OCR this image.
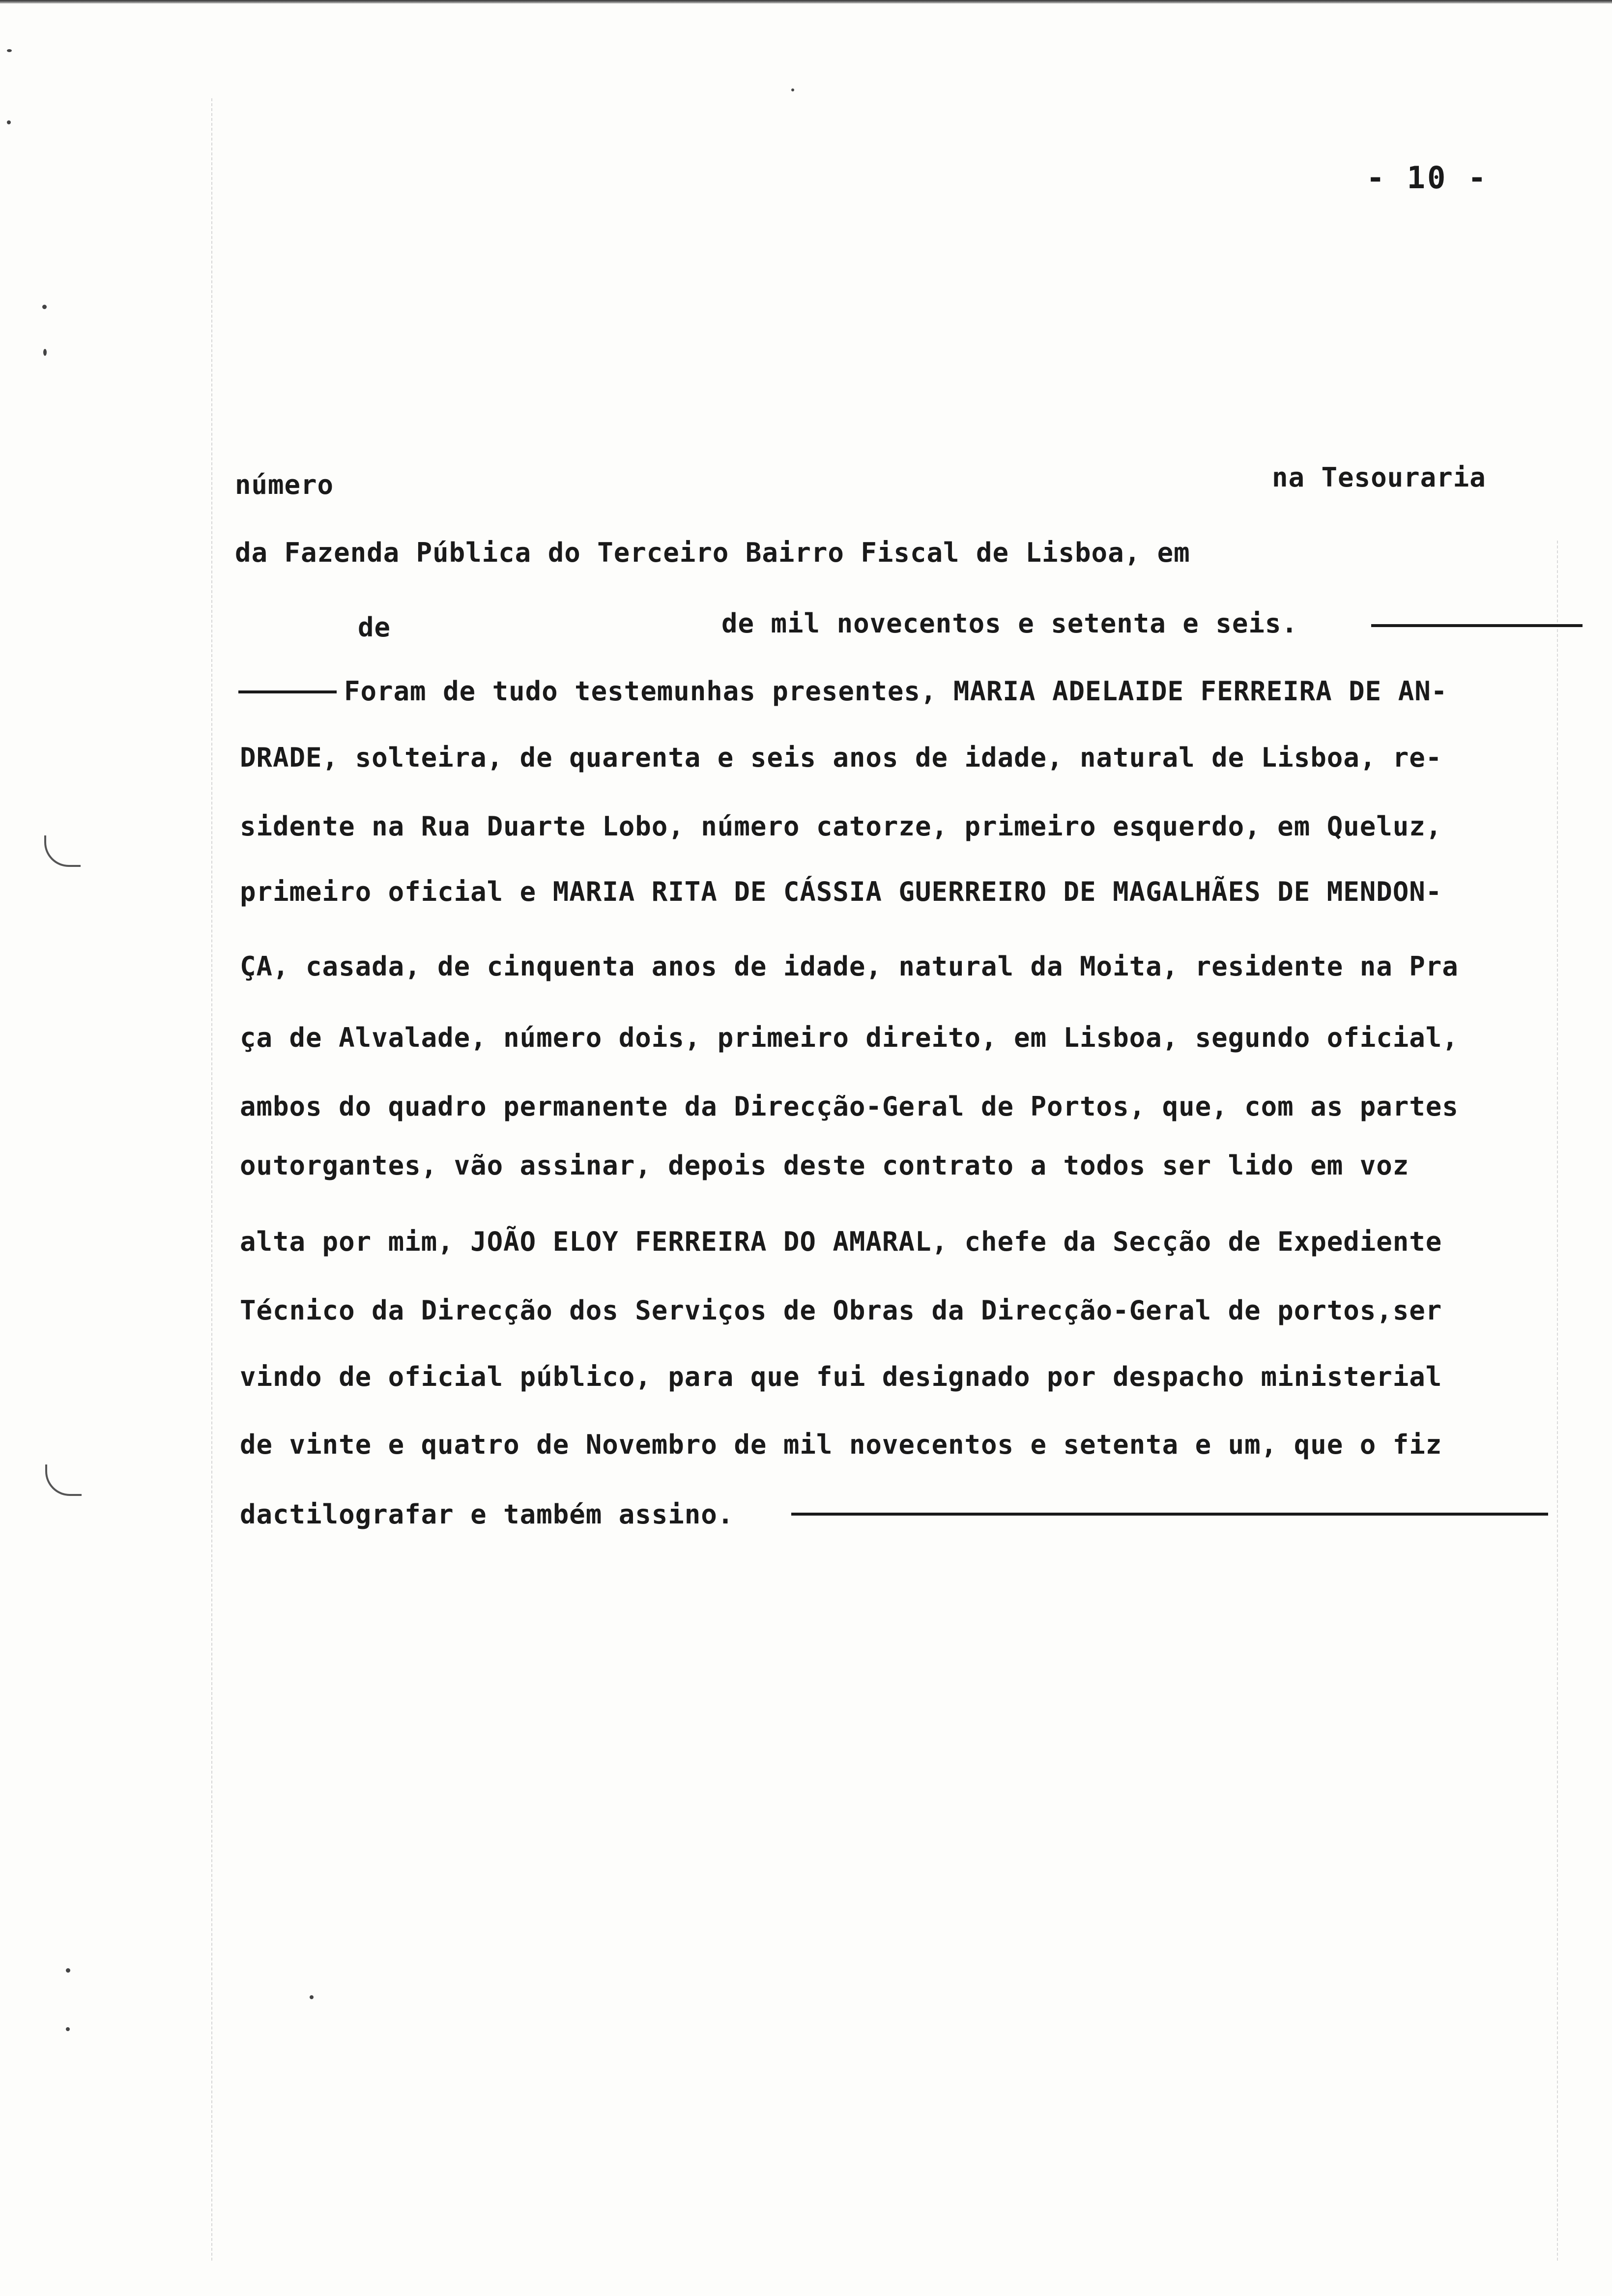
- 10 -
número	na Tesouraria
da Fazenda Pública do Terceiro Bairro Fiscal de Lisboa, em
de	de mil novecentos e setenta e seis.
Foram de tudo testemunhas presentes, MARIA ADELAIDE FERREIRA DE AN-
DRADE, solteira, de quarenta e seis anos de idade, natural de Lisboa, re-
sidente na Rua Duarte Lobo, número catorze, primeiro esquerdo, em Queluz,
primeiro oficial e MARIA RITA DE CÁSSIA GUERREIRO DE MAGALHÃES DE MENDON-
ÇA, casada, de cinquenta anos de idade, natural da Moita, residente na Pra
ça de Alvalade, número dois, primeiro direito, em Lisboa, segundo oficial,
ambos do quadro permanente da Direcção-Geral de Portos, que, com as partes
outorgantes, vão assinar, depois deste contrato a todos ser lido em voz
alta por mim, JOÃO ELOY FERREIRA DO AMARAL, chefe da Secção de Expediente
Técnico da Direcção dos Serviços de Obras da Direcção-Geral de portos,ser
vindo de oficial público, para que fui designado por despacho ministerial
de vinte e quatro de Novembro de mil novecentos e setenta e um, que o fiz
dactilografar e também assino.
